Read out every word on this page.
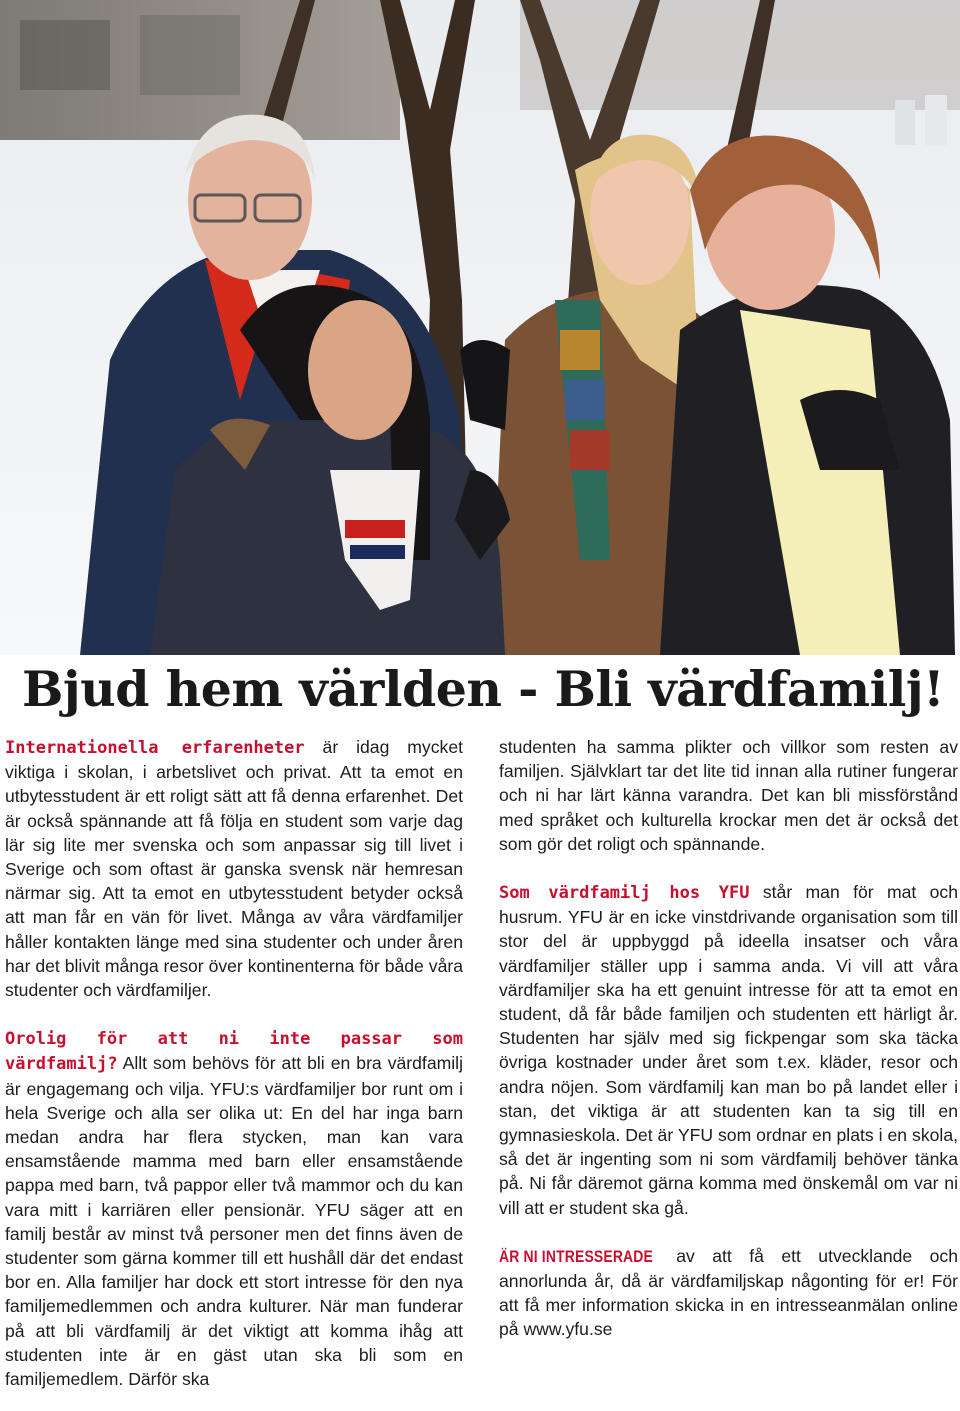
Bjud hem världen - Bli värdfamilj!

Internationella erfarenheter är idag mycket viktiga i skolan, i arbetslivet och privat. Att ta emot en utbytesstudent är ett roligt sätt att få denna erfarenhet. Det är också spännande att få följa en student som varje dag lär sig lite mer svenska och som anpassar sig till livet i Sverige och som oftast är ganska svensk när hemresan närmar sig. Att ta emot en utbytesstudent betyder också att man får en vän för livet. Många av våra värdfamiljer håller kontakten länge med sina studenter och under åren har det blivit många resor över kontinenterna för både våra studenter och värdfamiljer.

Orolig för att ni inte passar som värdfamilj? Allt som behövs för att bli en bra värdfamilj är engagemang och vilja. YFU:s värdfamiljer bor runt om i hela Sverige och alla ser olika ut: En del har inga barn medan andra har flera stycken, man kan vara ensamstående mamma med barn eller ensamstående pappa med barn, två pappor eller två mammor och du kan vara mitt i karriären eller pensionär. YFU säger att en familj består av minst två personer men det finns även de studenter som gärna kommer till ett hushåll där det endast bor en. Alla familjer har dock ett stort intresse för den nya familjemedlemmen och andra kulturer. När man funderar på att bli värdfamilj är det viktigt att komma ihåg att studenten inte är en gäst utan ska bli som en familjemedlem. Därför ska

studenten ha samma plikter och villkor som resten av familjen. Självklart tar det lite tid innan alla rutiner fungerar och ni har lärt känna varandra. Det kan bli missförstånd med språket och kulturella krockar men det är också det som gör det roligt och spännande.

Som värdfamilj hos YFU står man för mat och husrum. YFU är en icke vinstdrivande organisation som till stor del är uppbyggd på ideella insatser och våra värdfamiljer ställer upp i samma anda. Vi vill att våra värdfamiljer ska ha ett genuint intresse för att ta emot en student, då får både familjen och studenten ett härligt år. Studenten har själv med sig fickpengar som ska täcka övriga kostnader under året som t.ex. kläder, resor och andra nöjen. Som värdfamilj kan man bo på landet eller i stan, det viktiga är att studenten kan ta sig till en gymnasieskola. Det är YFU som ordnar en plats i en skola, så det är ingenting som ni som värdfamilj behöver tänka på. Ni får däremot gärna komma med önskemål om var ni vill att er student ska gå.

ÄR NI INTRESSERADE av att få ett utvecklande och annorlunda år, då är värdfamiljskap någonting för er! För att få mer information skicka in en intresseanmälan online på www.yfu.se
